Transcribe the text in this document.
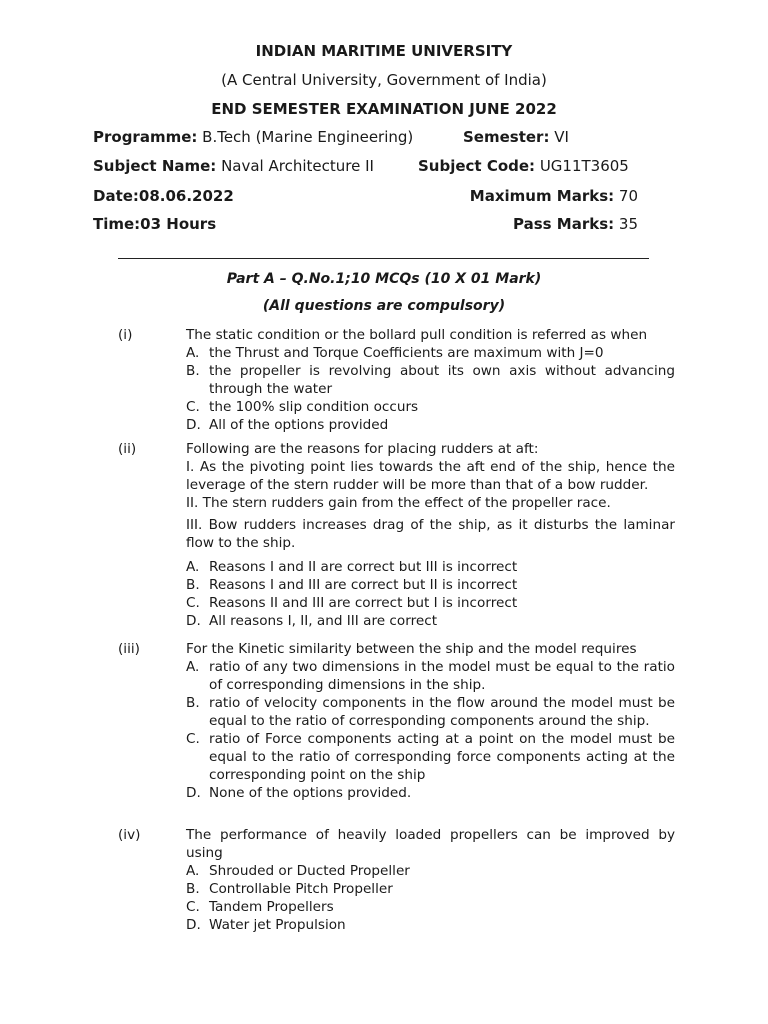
INDIAN MARITIME UNIVERSITY
(A Central University, Government of India)
END SEMESTER EXAMINATION JUNE 2022
Programme: B.Tech (Marine Engineering)	Semester: VI
Subject Name: Naval Architecture II	Subject Code: UG11T3605
Date:08.06.2022	Maximum Marks: 70
Time:03 Hours	Pass Marks: 35
Part A – Q.No.1;10 MCQs (10 X 01 Mark)
(All questions are compulsory)
(i)	The static condition or the bollard pull condition is referred as when

A. the Thrust and Torque Coefficients are maximum with J=0
B. the propeller is revolving about its own axis without advancing through the water
C. the 100% slip condition occurs
D. All of the options provided
(ii)	Following are the reasons for placing rudders at aft:

I. As the pivoting point lies towards the aft end of the ship, hence the leverage of the stern rudder will be more than that of a bow rudder.

II. The stern rudders gain from the effect of the propeller race.

III. Bow rudders increases drag of the ship, as it disturbs the laminar flow to the ship.

A. Reasons I and II are correct but III is incorrect
B. Reasons I and III are correct but II is incorrect
C. Reasons II and III are correct but I is incorrect
D. All reasons I, II, and III are correct
(iii)	For the Kinetic similarity between the ship and the model requires

A. ratio of any two dimensions in the model must be equal to the ratio of corresponding dimensions in the ship.
B. ratio of velocity components in the flow around the model must be equal to the ratio of corresponding components around the ship.
C. ratio of Force components acting at a point on the model must be equal to the ratio of corresponding force components acting at the corresponding point on the ship
D. None of the options provided.
(iv)	The performance of heavily loaded propellers can be improved by using

A. Shrouded or Ducted Propeller
B. Controllable Pitch Propeller
C. Tandem Propellers
D. Water jet Propulsion
